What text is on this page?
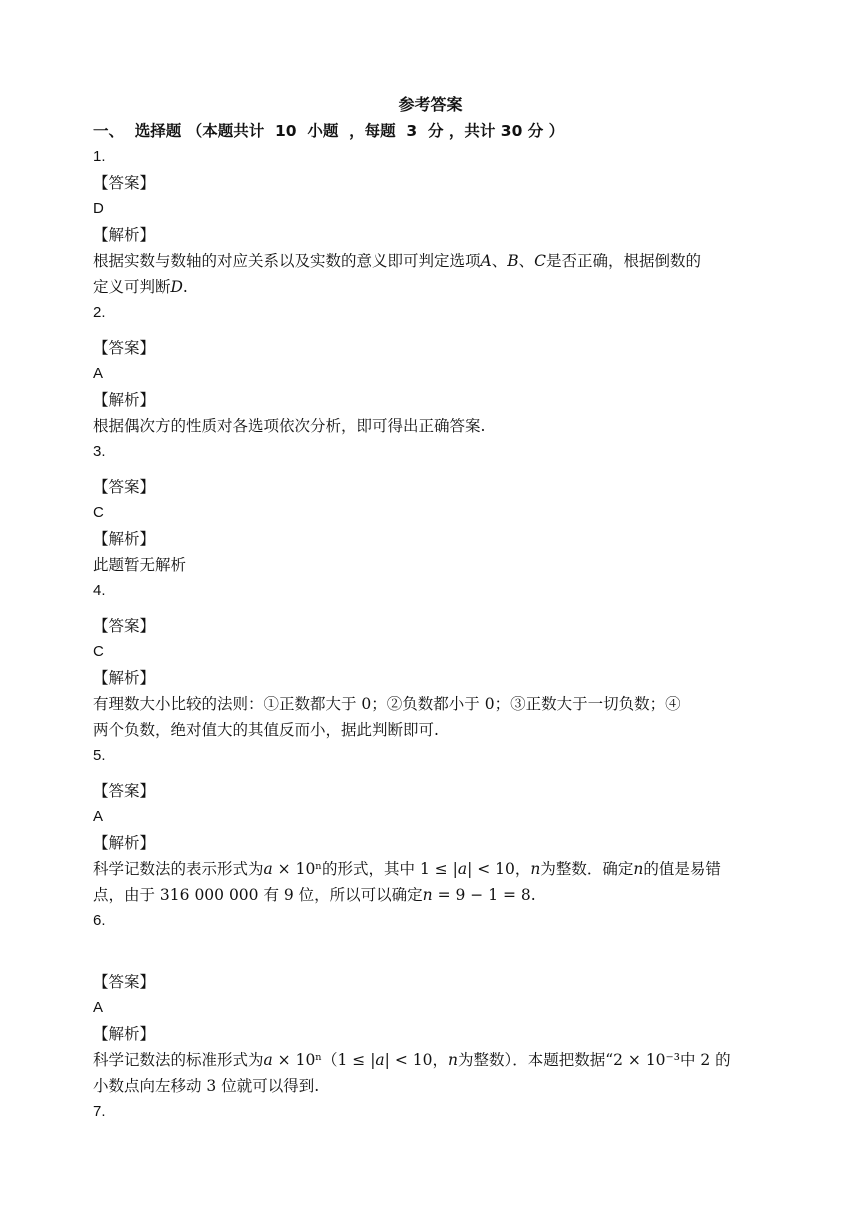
参考答案
一、  选择题 （本题共计  10  小题  ，每题  3  分 ，共计 30 分 ）
1.
【答案】
D
【解析】
根据实数与数轴的对应关系以及实数的意义即可判定选项𝐴、𝐵、𝐶是否正确，根据倒数的
定义可判断𝐷.
2.
【答案】
A
【解析】
根据偶次方的性质对各选项依次分析，即可得出正确答案.
3.
【答案】
C
【解析】
此题暂无解析
4.
【答案】
C
【解析】
有理数大小比较的法则：①正数都大于 0；②负数都小于 0；③正数大于一切负数；④
两个负数，绝对值大的其值反而小，据此判断即可.
5.
【答案】
A
【解析】
科学记数法的表示形式为𝑎 × 10ⁿ的形式，其中 1 ≤ |𝑎| < 10，𝑛为整数．确定𝑛的值是易错
点，由于 316 000 000 有 9 位，所以可以确定𝑛 = 9 − 1 = 8.
6.
【答案】
A
【解析】
科学记数法的标准形式为𝑎 × 10ⁿ（1 ≤ |𝑎| < 10，𝑛为整数）．本题把数据“2 × 10⁻³中 2 的
小数点向左移动 3 位就可以得到.
7.
